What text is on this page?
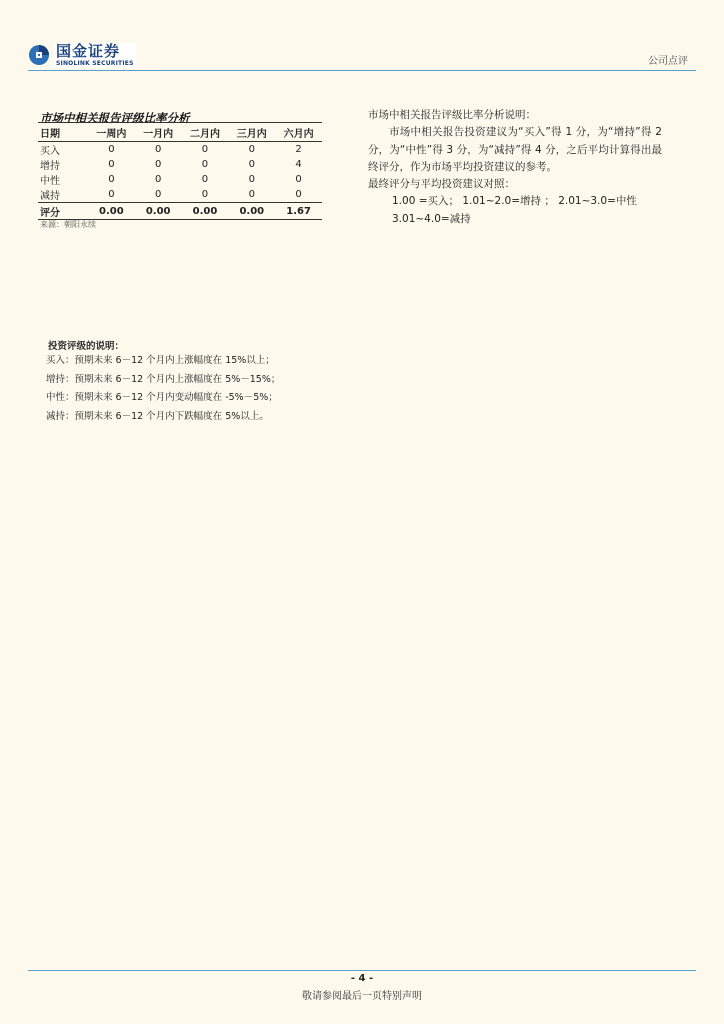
国金证券
SINOLINK SECURITIES	公司点评
市场中相关报告评级比率分析
日期	一周内	一月内	二月内	三月内	六月内
买入	0	0	0	0	2
增持	0	0	0	0	4
中性	0	0	0	0	0
减持	0	0	0	0	0
评分	0.00	0.00	0.00	0.00	1.67
来源：朝阳永续

市场中相关报告评级比率分析说明：

市场中相关报告投资建议为“买入”得 1 分，为“增持”得 2 分，为“中性”得 3 分，为“减持”得 4 分，之后平均计算得出最终评分，作为市场平均投资建议的参考。

最终评分与平均投资建议对照：

1.00 =买入； 1.01~2.0=增持 ； 2.01~3.0=中性

3.01~4.0=减持

投资评级的说明：
买入：预期未来 6－12 个月内上涨幅度在 15%以上；
增持：预期未来 6－12 个月内上涨幅度在 5%－15%；
中性：预期未来 6－12 个月内变动幅度在 -5%－5%；
减持：预期未来 6－12 个月内下跌幅度在 5%以上。
- 4 -
敬请参阅最后一页特别声明
